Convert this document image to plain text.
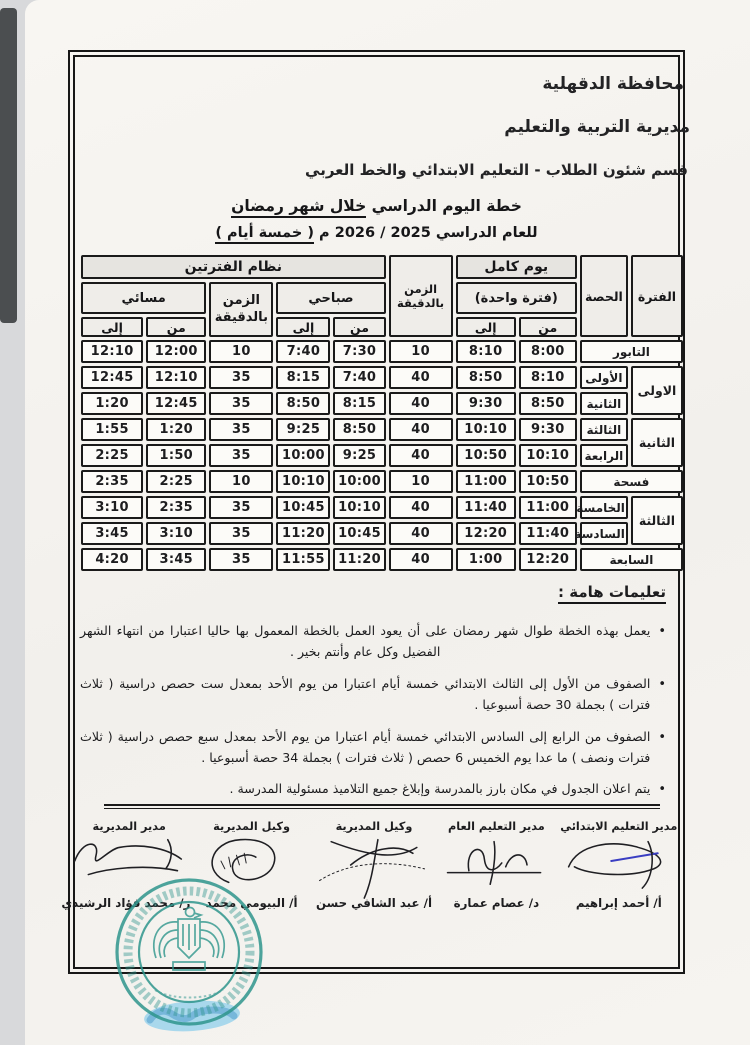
محافظة الدقهلية
مديرية التربية والتعليم
قسم شئون الطلاب - التعليم الابتدائي والخط العربي
خطة اليوم الدراسي خلال شهر رمضان
للعام الدراسي 2025 / 2026 م ( خمسة أيام )
الفترة	الحصة	يوم كامل		الزمن بالدقيقة	نظام الفترتين				
		(فترة واحدة)			صباحي		الزمن بالدقيقة	مسائي	
		من	إلى		من	إلى		من	إلى
التابور		8:00	8:10	10	7:30	7:40	10	12:00	12:10
الاولى	الأولى	8:10	8:50	40	7:40	8:15	35	12:10	12:45
	الثانية	8:50	9:30	40	8:15	8:50	35	12:45	1:20
الثانية	الثالثة	9:30	10:10	40	8:50	9:25	35	1:20	1:55
	الرابعة	10:10	10:50	40	9:25	10:00	35	1:50	2:25
فسحة		10:50	11:00	10	10:00	10:10	10	2:25	2:35
الثالثة	الخامسة	11:00	11:40	40	10:10	10:45	35	2:35	3:10
	السادسة	11:40	12:20	40	10:45	11:20	35	3:10	3:45
السابعة		12:20	1:00	40	11:20	11:55	35	3:45	4:20
تعليمات هامة :
•
يعمل بهذه الخطة طوال شهر رمضان على أن يعود العمل بالخطة المعمول بها حاليا اعتبارا من انتهاء الشهر الفضيل وكل عام وأنتم بخير .
•
الصفوف من الأول إلى الثالث الابتدائي خمسة أيام اعتبارا من يوم الأحد بمعدل ست حصص دراسية ( ثلاث فترات ) بجملة 30 حصة أسبوعيا .
•
الصفوف من الرابع إلى السادس الابتدائي خمسة أيام اعتبارا من يوم الأحد بمعدل سبع حصص دراسية ( ثلاث فترات ونصف ) ما عدا يوم الخميس 6 حصص ( ثلاث فترات ) بجملة 34 حصة أسبوعيا .
•
يتم اعلان الجدول في مكان بارز بالمدرسة وإبلاغ جميع التلاميذ مسئولية المدرسة .
مدير التعليم الابتدائي
أ/ أحمد إبراهيم
مدير التعليم العام
د/ عصام عمارة
وكيل المديرية
أ/ عبد الشافي حسن
وكيل المديرية
أ/ البيومي محمد
مدير المديرية
ر/ محمد فؤاد الرشيدي
